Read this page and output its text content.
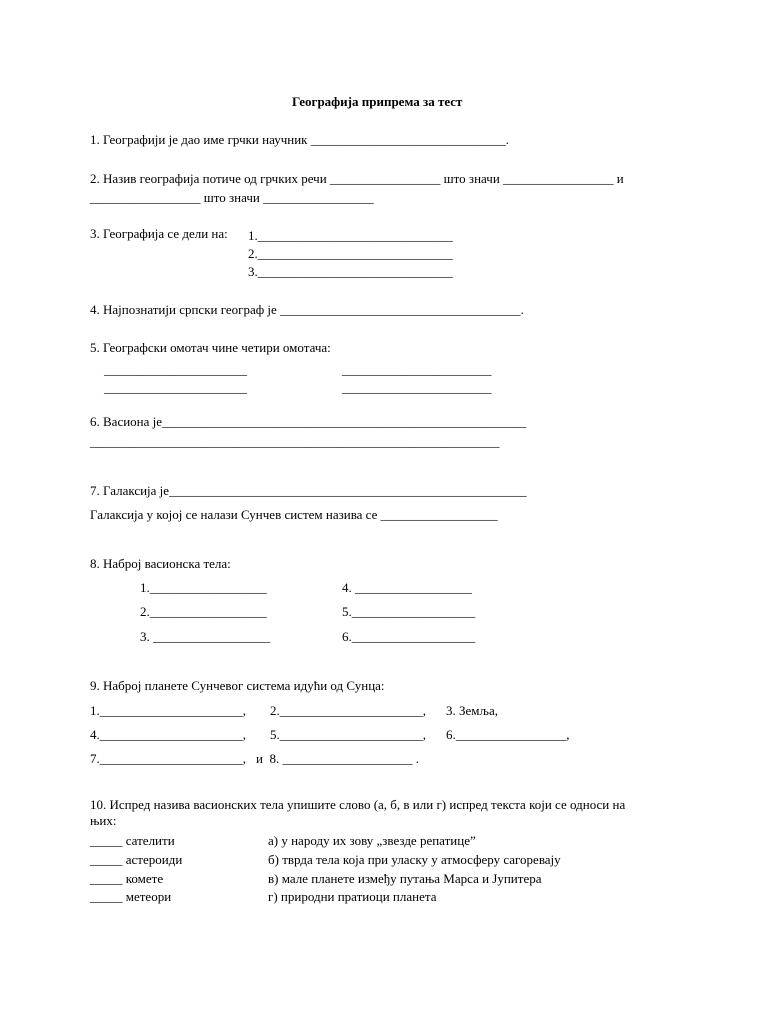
Географија припрема за тест
1. Географији је дао име грчки научник ______________________________.
2. Назив географија потиче од грчких речи _________________ што значи _________________ и
_________________ што значи _________________
3. Географија се дели на: 1.______________________________
2.______________________________
3.______________________________
4. Најпознатији српски географ је _____________________________________.
5. Географски омотач чине четири омотача:
______________________	_______________________
______________________	_______________________
6. Васиона је________________________________________________________
_______________________________________________________________
7. Галаксија је_______________________________________________________
Галаксија у којој се налази Сунчев систем назива се __________________
8. Наброј васионска тела:
1.__________________
2.__________________
3. __________________
4. __________________
5.___________________
6.___________________
9. Наброј планете Сунчевог система идући од Сунца:
1.______________________, 2.______________________, 3. Земља,
4.______________________, 5.______________________, 6._________________,
7.______________________, и  8. ____________________ .
10. Испред назива васионских тела упишите слово (а, б, в или г) испред текста који се односи на
њих:
_____ сателити
_____ астероиди
_____ комете
_____ метеори
а) у народу их зову „звезде репатице”
б) тврда тела која при уласку у атмосферу сагоревају
в) мале планете између путања Марса и Јупитера
г) природни пратиоци планета
